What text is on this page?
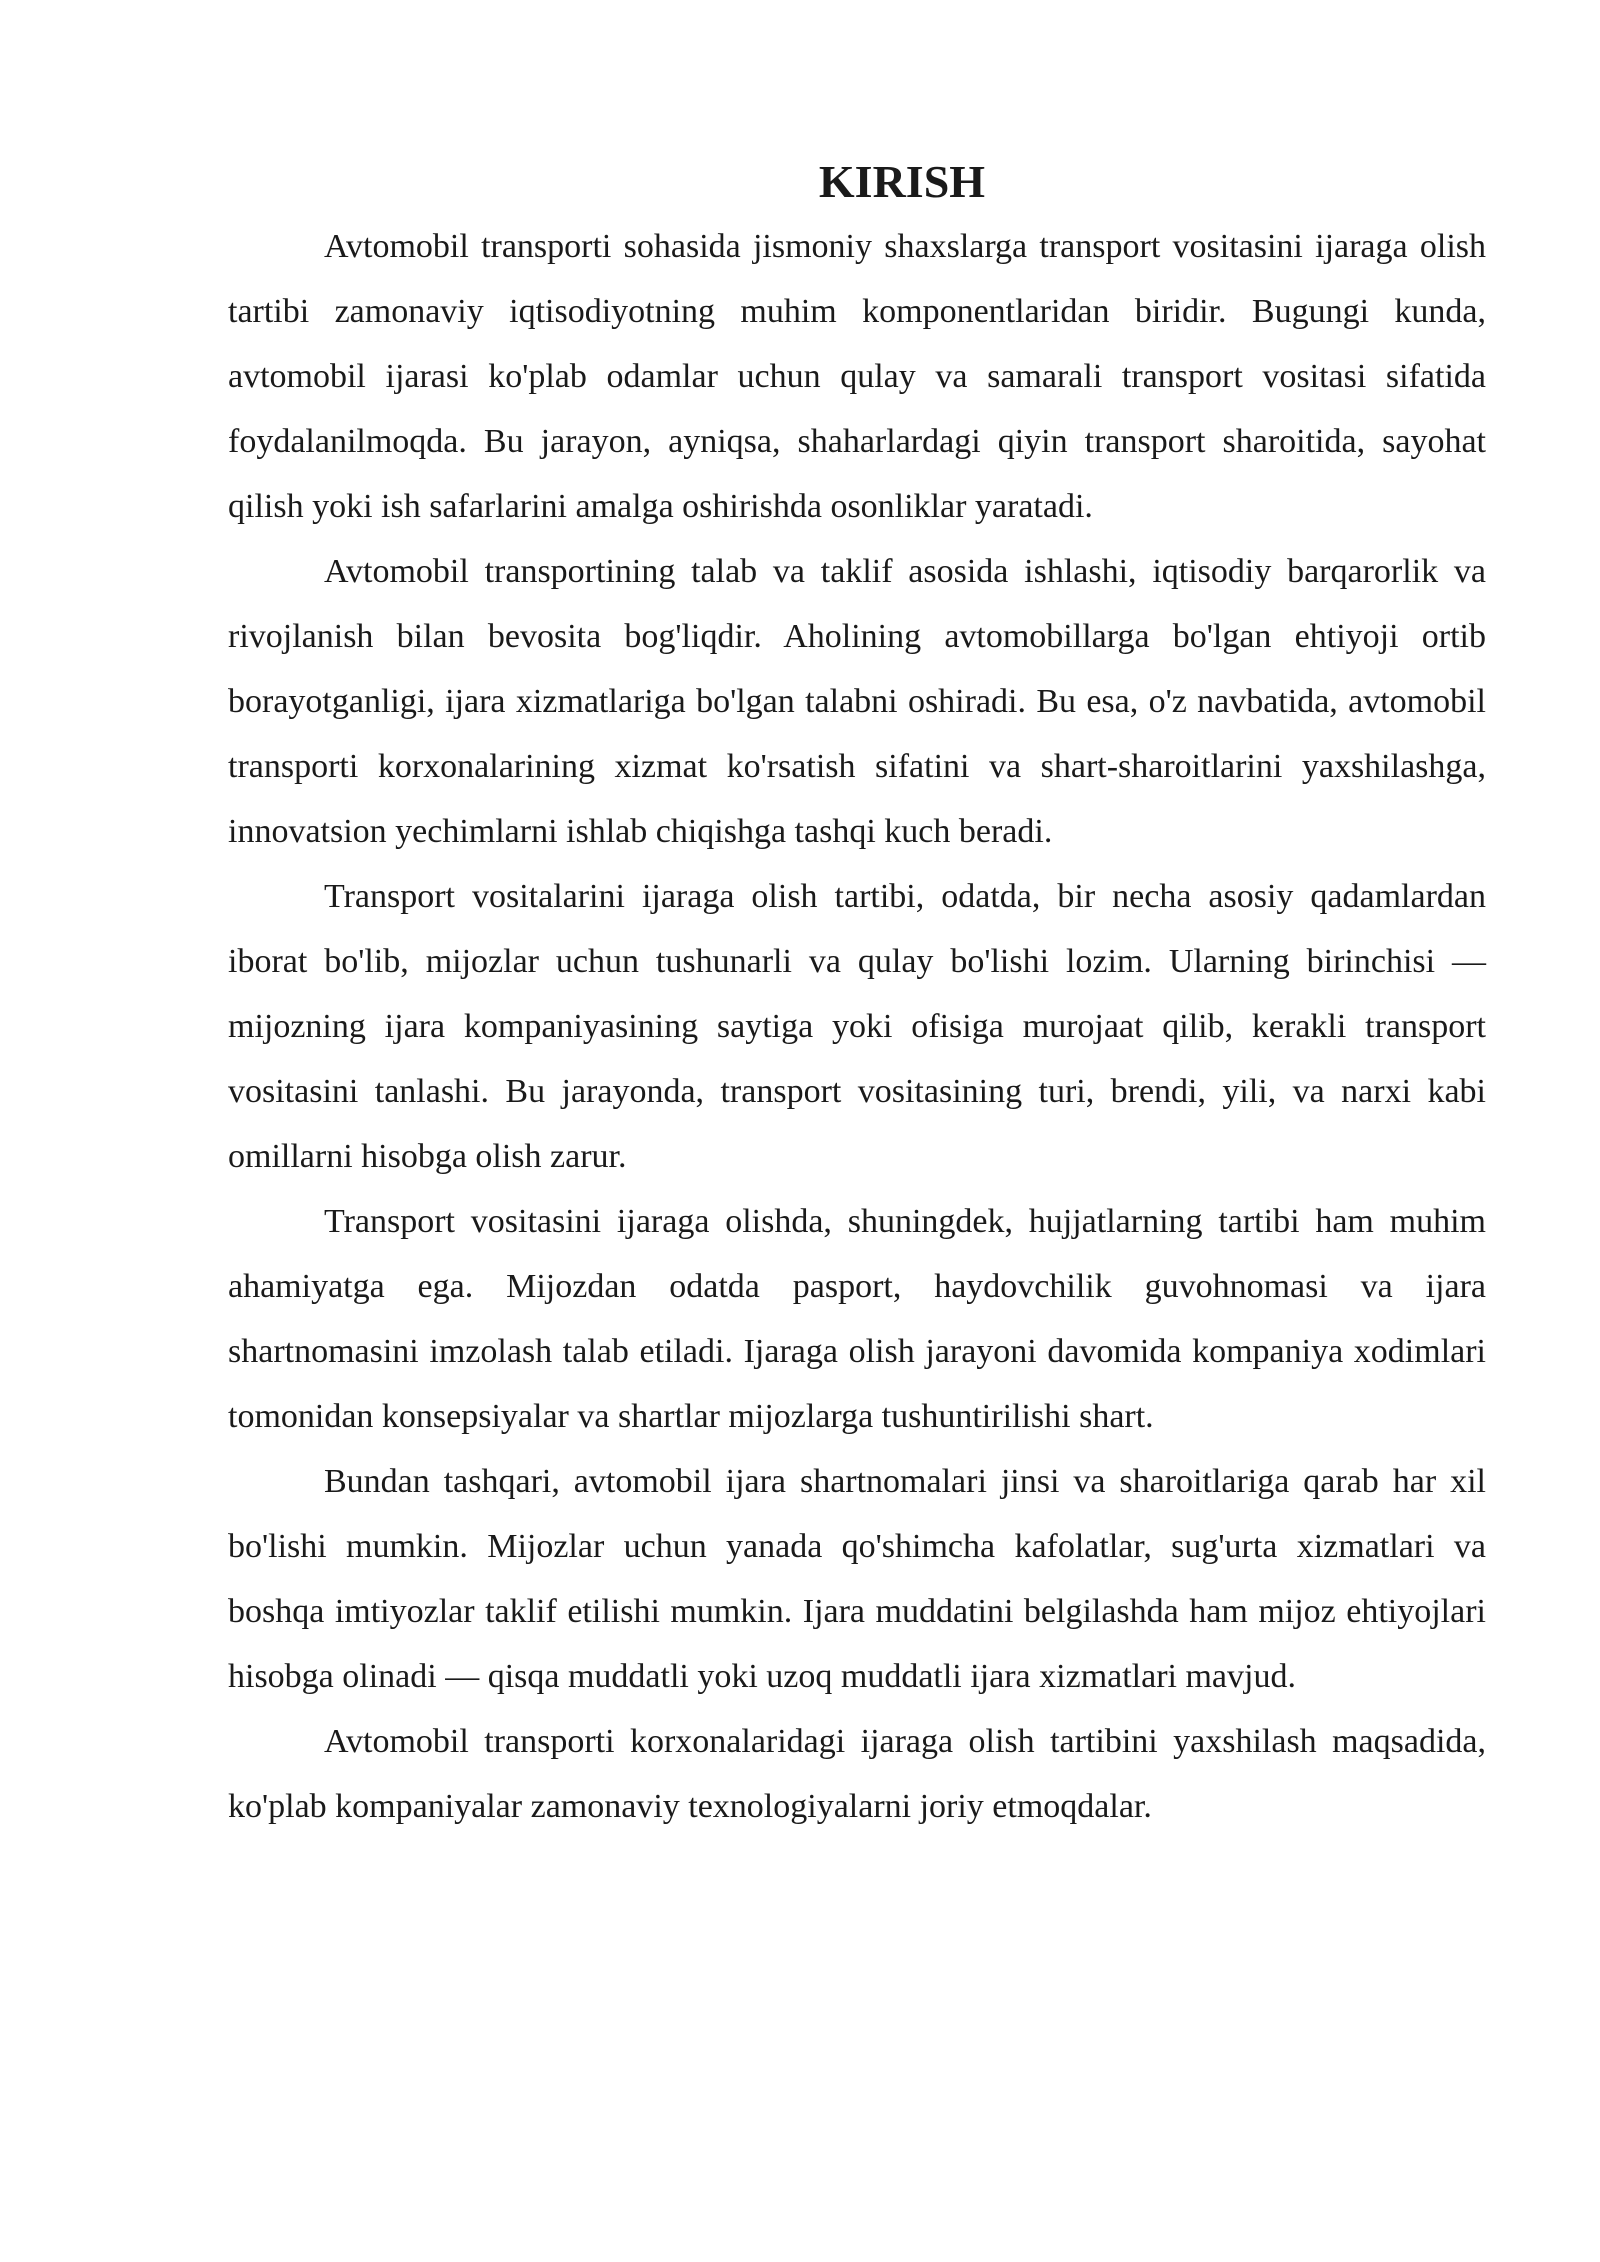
KIRISH

Avtomobil transporti sohasida jismoniy shaxslarga transport vositasini ijaraga olish tartibi zamonaviy iqtisodiyotning muhim komponentlaridan biridir. Bugungi kunda, avtomobil ijarasi ko'plab odamlar uchun qulay va samarali transport vositasi sifatida foydalanilmoqda. Bu jarayon, ayniqsa, shaharlardagi qiyin transport sharoitida, sayohat qilish yoki ish safarlarini amalga oshirishda osonliklar yaratadi.

Avtomobil transportining talab va taklif asosida ishlashi, iqtisodiy barqarorlik va rivojlanish bilan bevosita bog'liqdir. Aholining avtomobillarga bo'lgan ehtiyoji ortib borayotganligi, ijara xizmatlariga bo'lgan talabni oshiradi. Bu esa, o'z navbatida, avtomobil transporti korxonalarining xizmat ko'rsatish sifatini va shart-sharoitlarini yaxshilashga, innovatsion yechimlarni ishlab chiqishga tashqi kuch beradi.

Transport vositalarini ijaraga olish tartibi, odatda, bir necha asosiy qadamlardan iborat bo'lib, mijozlar uchun tushunarli va qulay bo'lishi lozim. Ularning birinchisi — mijozning ijara kompaniyasining saytiga yoki ofisiga murojaat qilib, kerakli transport vositasini tanlashi. Bu jarayonda, transport vositasining turi, brendi, yili, va narxi kabi omillarni hisobga olish zarur.

Transport vositasini ijaraga olishda, shuningdek, hujjatlarning tartibi ham muhim ahamiyatga ega. Mijozdan odatda pasport, haydovchilik guvohnomasi va ijara shartnomasini imzolash talab etiladi. Ijaraga olish jarayoni davomida kompaniya xodimlari tomonidan konsepsiyalar va shartlar mijozlarga tushuntirilishi shart.

Bundan tashqari, avtomobil ijara shartnomalari jinsi va sharoitlariga qarab har xil bo'lishi mumkin. Mijozlar uchun yanada qo'shimcha kafolatlar, sug'urta xizmatlari va boshqa imtiyozlar taklif etilishi mumkin. Ijara muddatini belgilashda ham mijoz ehtiyojlari hisobga olinadi — qisqa muddatli yoki uzoq muddatli ijara xizmatlari mavjud.

Avtomobil transporti korxonalaridagi ijaraga olish tartibini yaxshilash maqsadida, ko'plab kompaniyalar zamonaviy texnologiyalarni joriy etmoqdalar.
